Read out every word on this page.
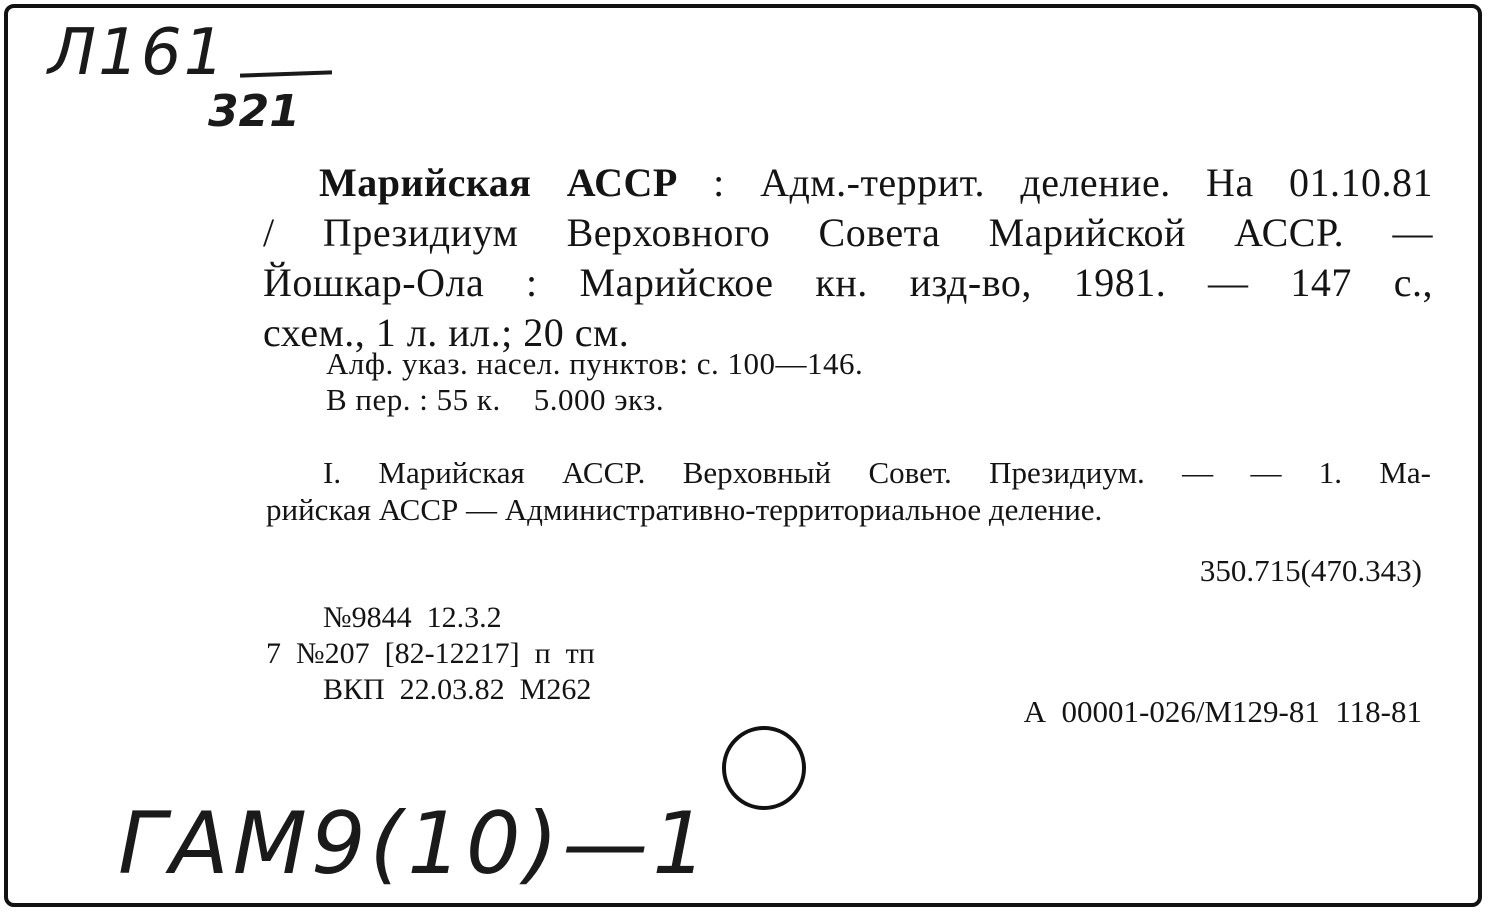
Л161
321
Марийская АССР : Адм.-террит. деление. На 01.10.81
/ Президиум Верховного Совета Марийской АССР. —
Йошкар-Ола : Марийское кн. изд-во, 1981. — 147 с.,
схем., 1 л. ил.; 20 см.
Алф. указ. насел. пунктов: с. 100—146.
В пер. : 55 к.    5.000 экз.
I. Марийская АССР. Верховный Совет. Президиум. — — 1. Ма-
рийская АССР — Административно-территориальное деление.
350.715(470.343)
№9844  12.3.2
7  №207  [82-12217]  п  тп
ВКП  22.03.82  М262
А  00001-026/М129-81  118-81
ГАМ9(10)—1
